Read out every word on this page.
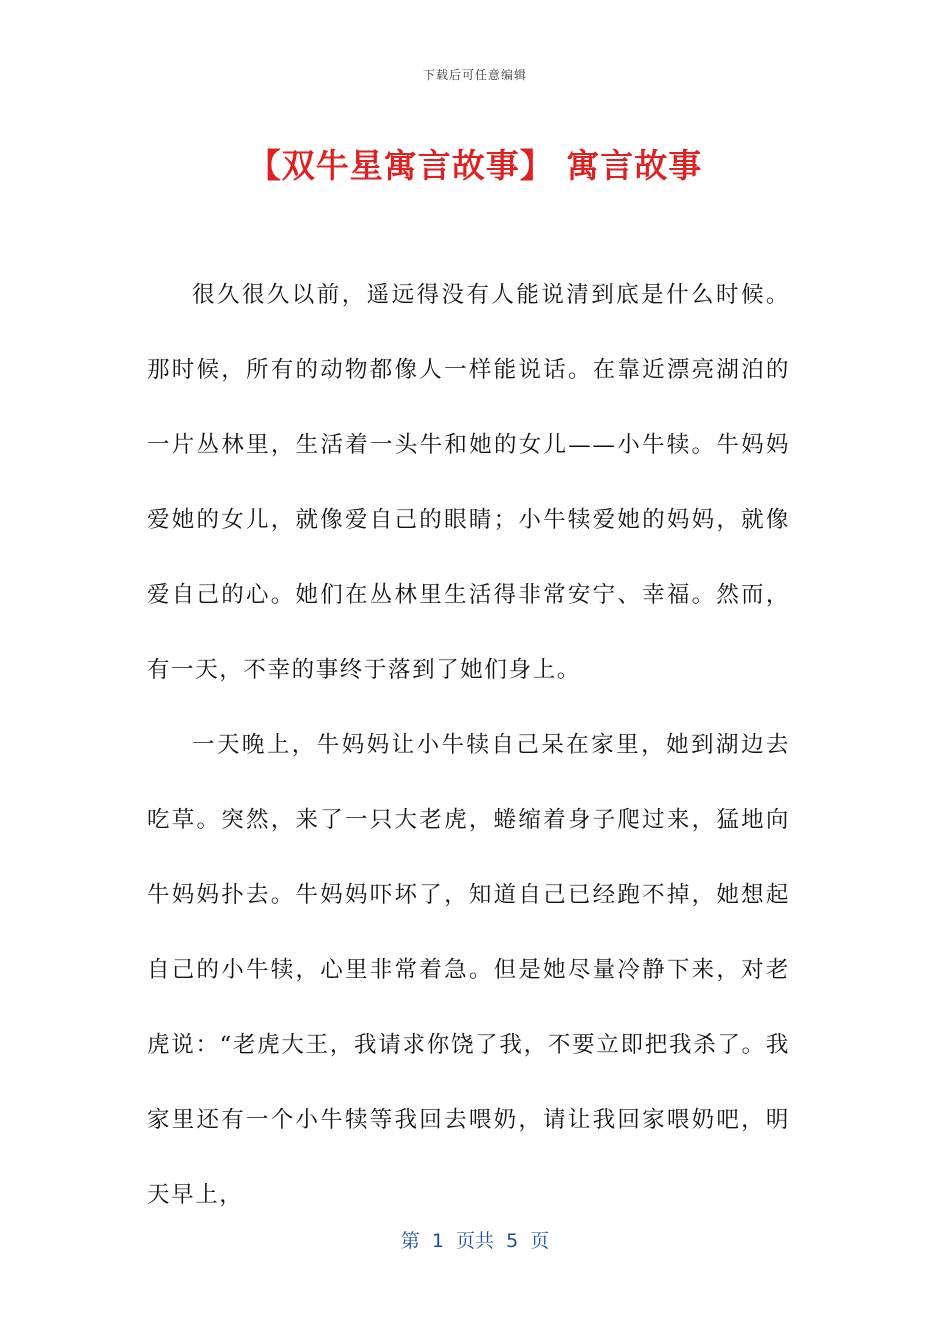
下载后可任意编辑
【双牛星寓言故事】 寓言故事

很久很久以前，遥远得没有人能说清到底是什么时候。那时候，所有的动物都像人一样能说话。在靠近漂亮湖泊的一片丛林里，生活着一头牛和她的女儿——小牛犊。牛妈妈爱她的女儿，就像爱自己的眼睛；小牛犊爱她的妈妈，就像爱自己的心。她们在丛林里生活得非常安宁、幸福。然而，有一天，不幸的事终于落到了她们身上。

一天晚上，牛妈妈让小牛犊自己呆在家里，她到湖边去吃草。突然，来了一只大老虎，蜷缩着身子爬过来，猛地向牛妈妈扑去。牛妈妈吓坏了，知道自己已经跑不掉，她想起自己的小牛犊，心里非常着急。但是她尽量冷静下来，对老虎说：“老虎大王，我请求你饶了我，不要立即把我杀了。我家里还有一个小牛犊等我回去喂奶，请让我回家喂奶吧，明天早上，

第  1  页共  5  页
